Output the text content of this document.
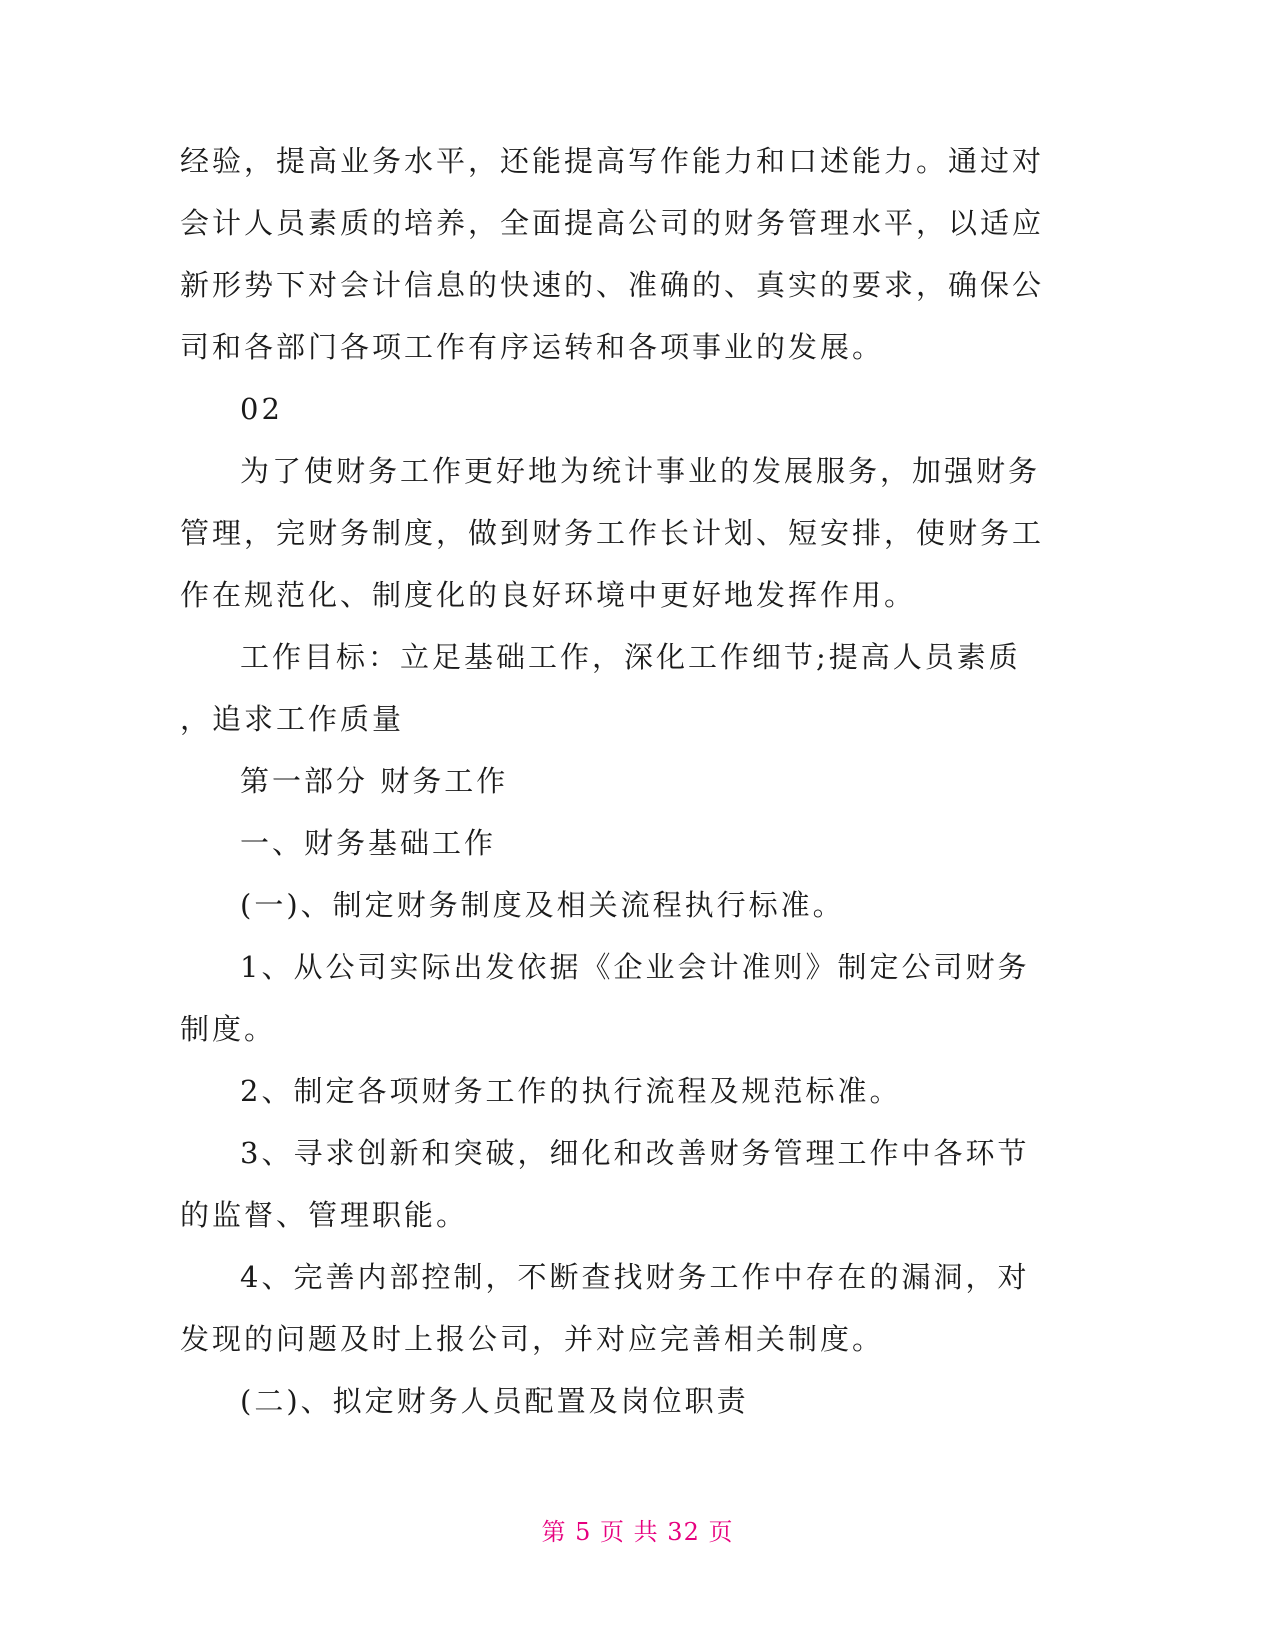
经验，提高业务水平，还能提高写作能力和口述能力。通过对
会计人员素质的培养，全面提高公司的财务管理水平，以适应
新形势下对会计信息的快速的、准确的、真实的要求，确保公
司和各部门各项工作有序运转和各项事业的发展。
02
为了使财务工作更好地为统计事业的发展服务，加强财务
管理，完财务制度，做到财务工作长计划、短安排，使财务工
作在规范化、制度化的良好环境中更好地发挥作用。
工作目标：立足基础工作，深化工作细节;提高人员素质
，追求工作质量
第一部分 财务工作
一、财务基础工作
(一)、制定财务制度及相关流程执行标准。
1、从公司实际出发依据《企业会计准则》制定公司财务
制度。
2、制定各项财务工作的执行流程及规范标准。
3、寻求创新和突破，细化和改善财务管理工作中各环节
的监督、管理职能。
4、完善内部控制，不断查找财务工作中存在的漏洞，对
发现的问题及时上报公司，并对应完善相关制度。
(二)、拟定财务人员配置及岗位职责
第 5 页 共 32 页
